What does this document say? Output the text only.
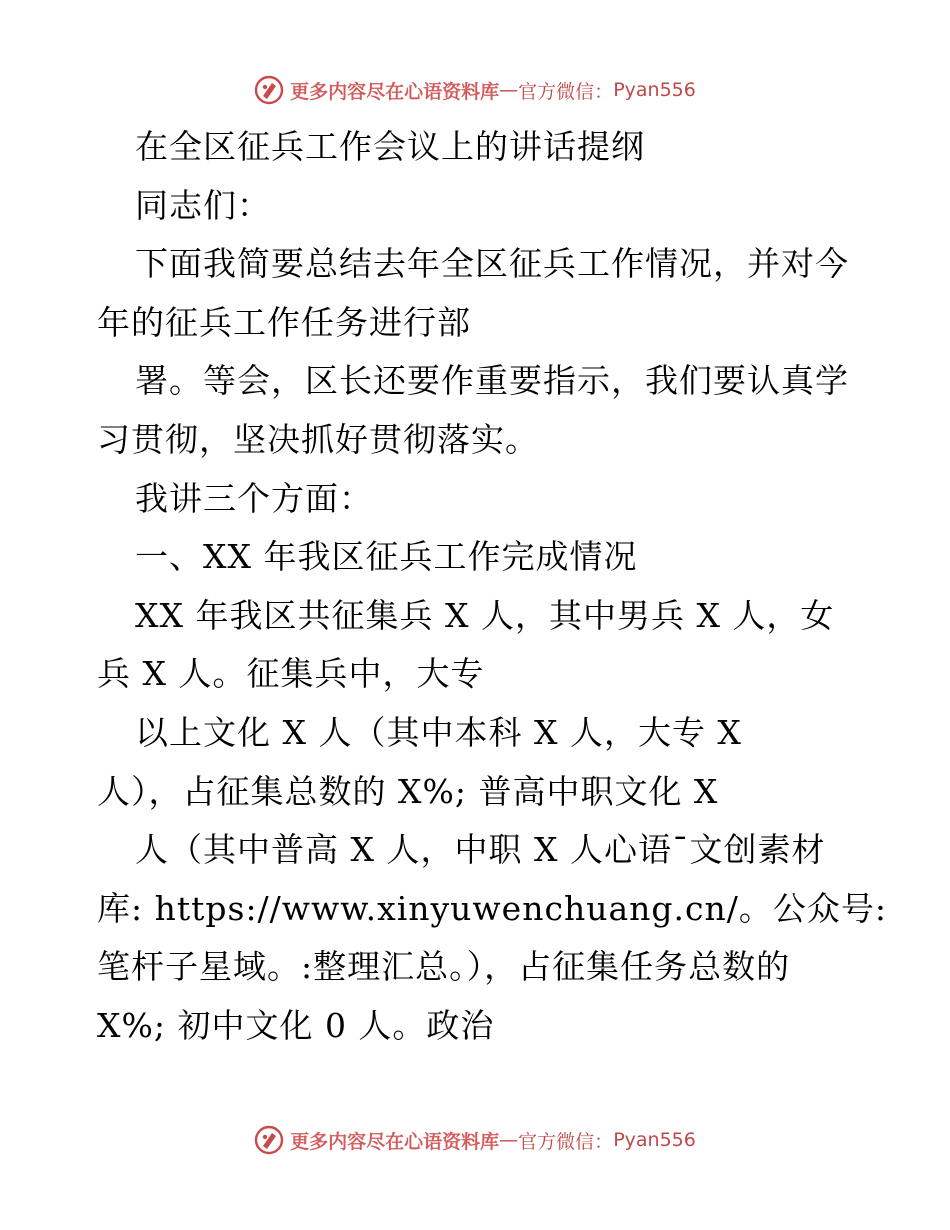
更多内容尽在心语资料库 — 官方微信： Pyan556
在全区征兵工作会议上的讲话提纲
同志们：
下面我简要总结去年全区征兵工作情况，并对今
年的征兵工作任务进行部
署。等会，区长还要作重要指示，我们要认真学
习贯彻，坚决抓好贯彻落实。
我讲三个方面：
一、XX 年我区征兵工作完成情况
XX 年我区共征集兵 X 人，其中男兵 X 人，女
兵 X 人。征集兵中，大专
以上文化 X 人（其中本科 X 人，大专 X
人），占征集总数的 X%; 普高中职文化 X
人（其中普高 X 人，中职 X 人心语¯文创素材
库: https://www.xinyuwenchuang.cn/。公众号:
笔杆子星域。:整理汇总。），占征集任务总数的
X%; 初中文化 0 人。政治
更多内容尽在心语资料库 — 官方微信： Pyan556
